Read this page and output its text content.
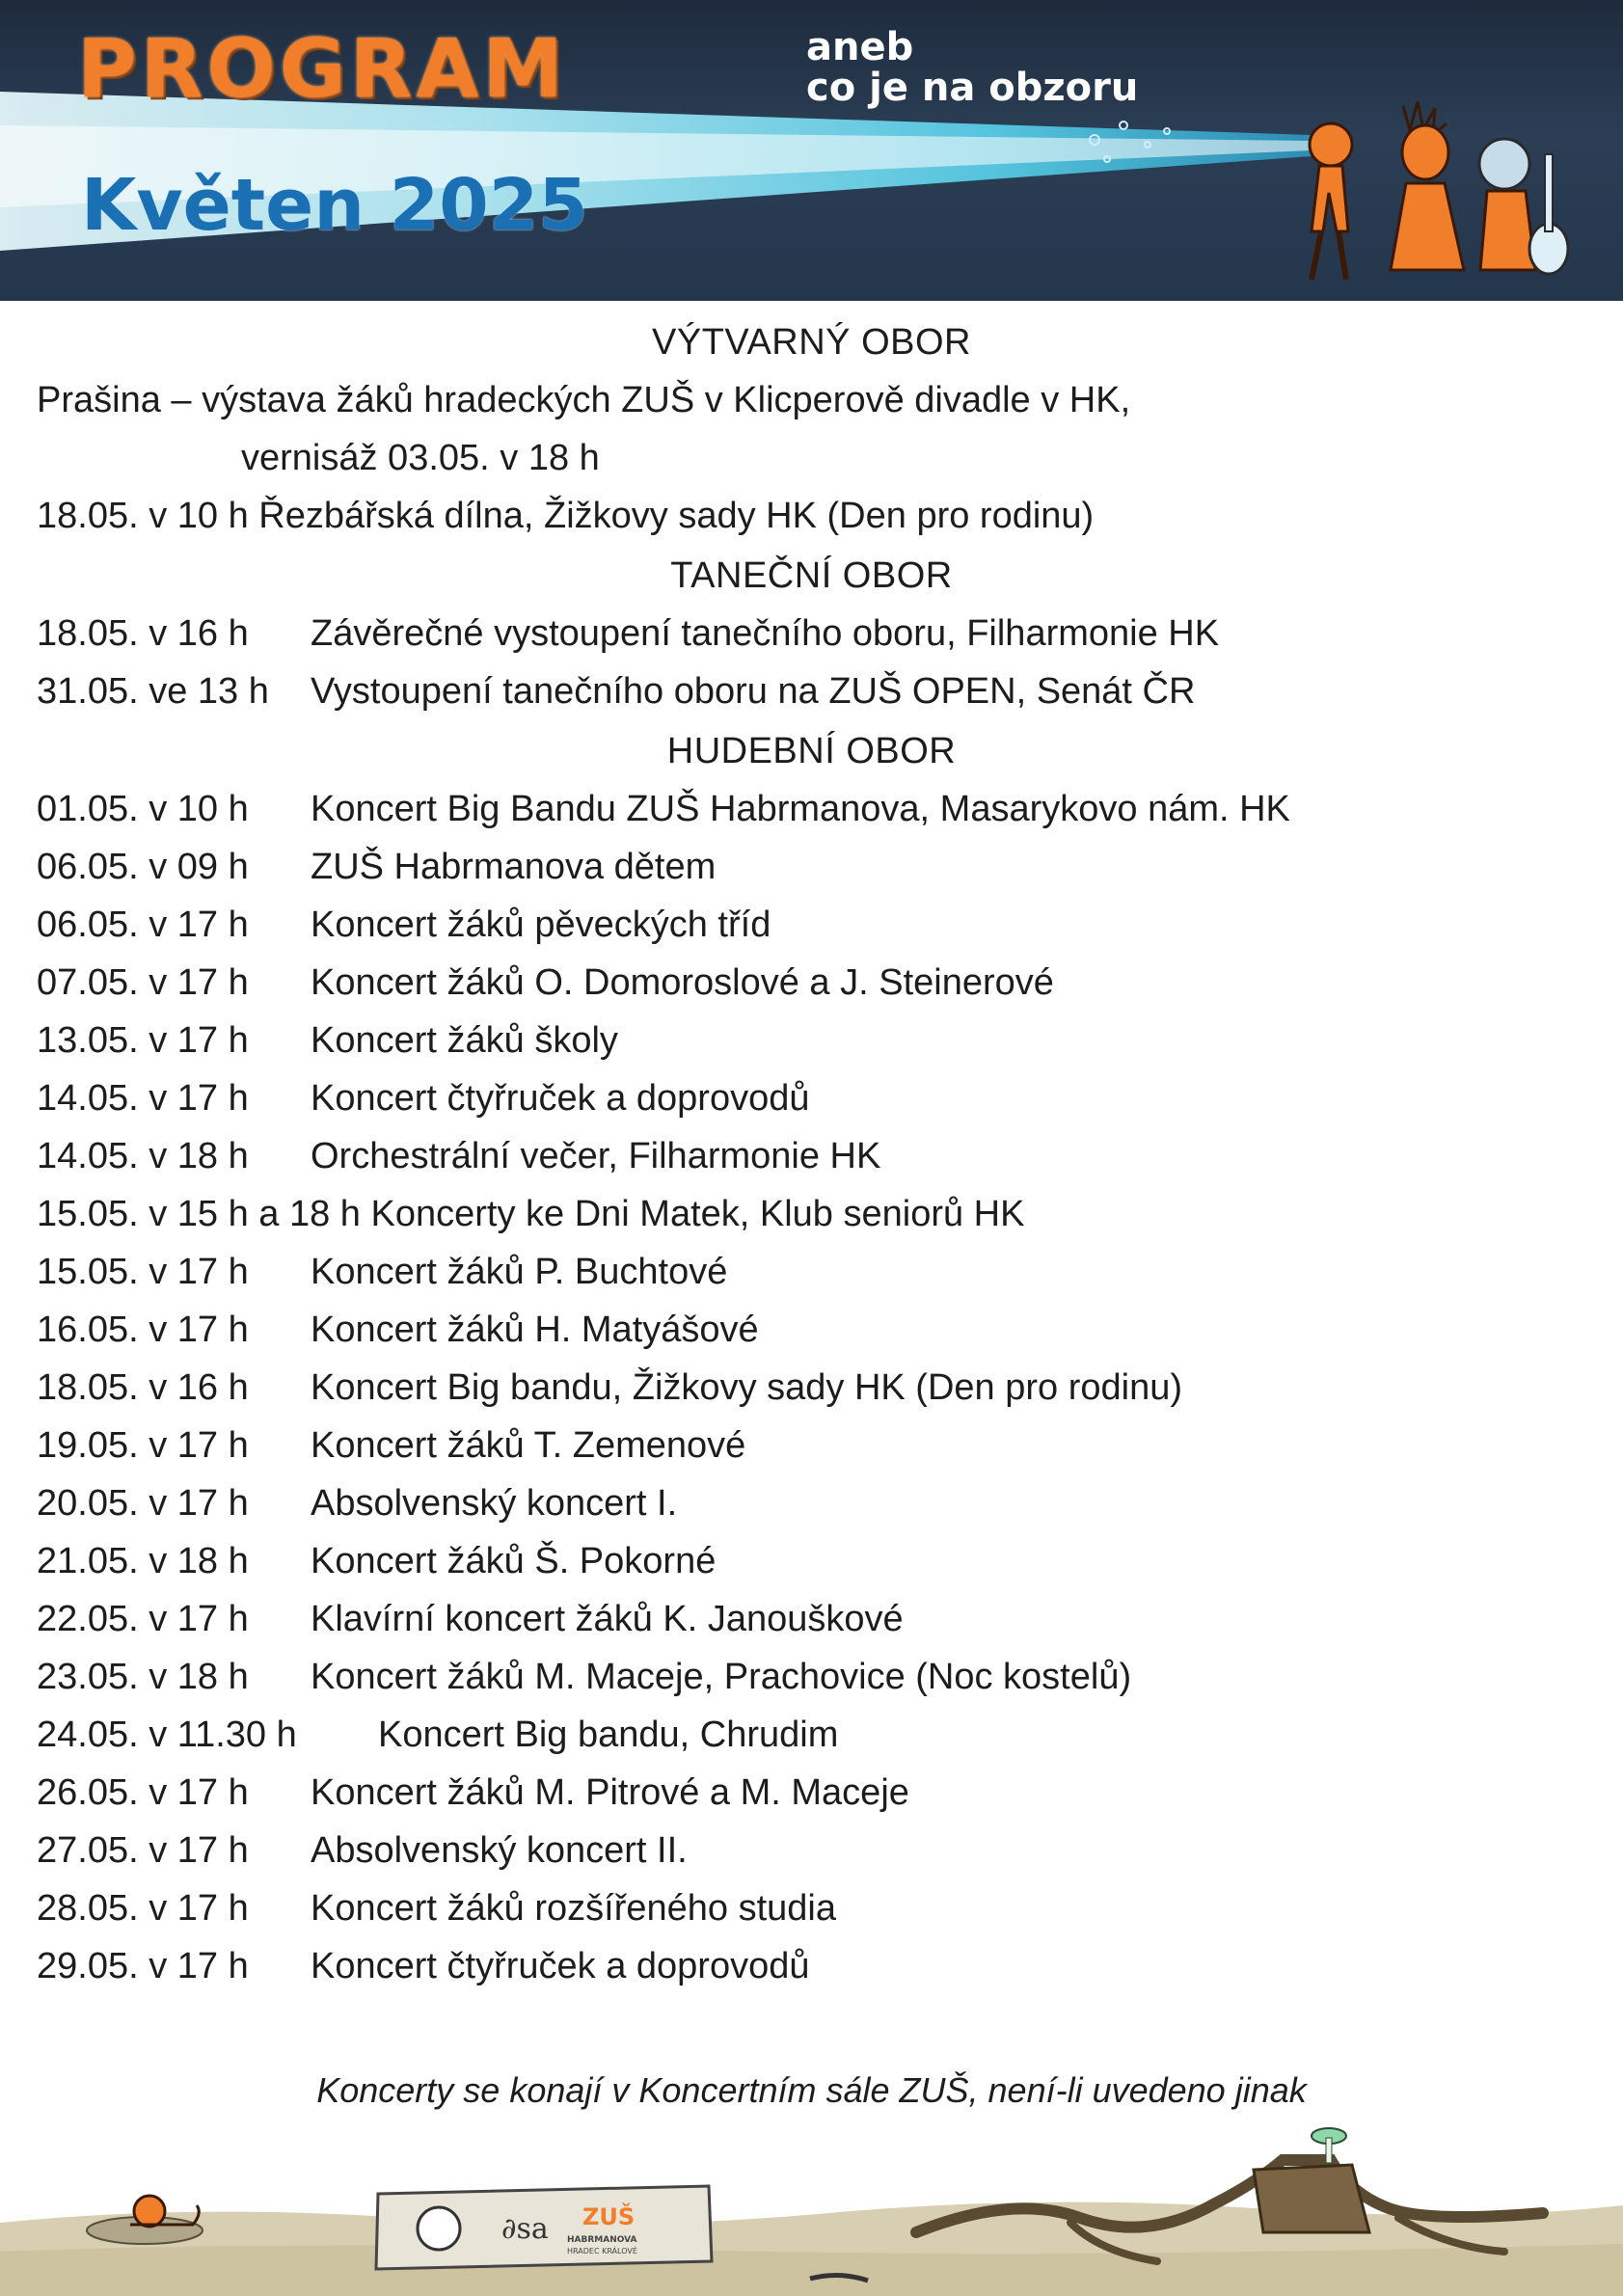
PROGRAM	aneb
co je na obzoru
Květen 2025
VÝTVARNÝ OBOR

Prašina – výstava žáků hradeckých ZUŠ v Klicperově divadle v HK,

vernisáž 03.05. v 18 h

18.05. v 10 h Řezbářská dílna, Žižkovy sady HK (Den pro rodinu)
TANEČNÍ OBOR
18.05. v 16 h Závěrečné vystoupení tanečního oboru, Filharmonie HK
31.05. ve 13 h Vystoupení tanečního oboru na ZUŠ OPEN, Senát ČR
HUDEBNÍ OBOR
01.05. v 10 h Koncert Big Bandu ZUŠ Habrmanova, Masarykovo nám. HK
06.05. v 09 h ZUŠ Habrmanova dětem
06.05. v 17 h Koncert žáků pěveckých tříd
07.05. v 17 h Koncert žáků O. Domoroslové a J. Steinerové
13.05. v 17 h Koncert žáků školy
14.05. v 17 h Koncert čtyřruček a doprovodů
14.05. v 18 h Orchestrální večer, Filharmonie HK
15.05. v 15 h a 18 h Koncerty ke Dni Matek, Klub seniorů HK
15.05. v 17 h Koncert žáků P. Buchtové
16.05. v 17 h Koncert žáků H. Matyášové
18.05. v 16 h Koncert Big bandu, Žižkovy sady HK (Den pro rodinu)
19.05. v 17 h Koncert žáků T. Zemenové
20.05. v 17 h Absolvenský koncert I.
21.05. v 18 h Koncert žáků Š. Pokorné
22.05. v 17 h Klavírní koncert žáků K. Janouškové
23.05. v 18 h Koncert žáků M. Maceje, Prachovice (Noc kostelů)
24.05. v 11.30 h Koncert Big bandu, Chrudim
26.05. v 17 h Koncert žáků M. Pitrové a M. Maceje
27.05. v 17 h Absolvenský koncert II.
28.05. v 17 h Koncert žáků rozšířeného studia
29.05. v 17 h Koncert čtyřruček a doprovodů

Koncerty se konají v Koncertním sále ZUŠ, není-li uvedeno jinak

∂sa ZUŠ
HABRMANOVA
HRADEC KRÁLOVÉ
